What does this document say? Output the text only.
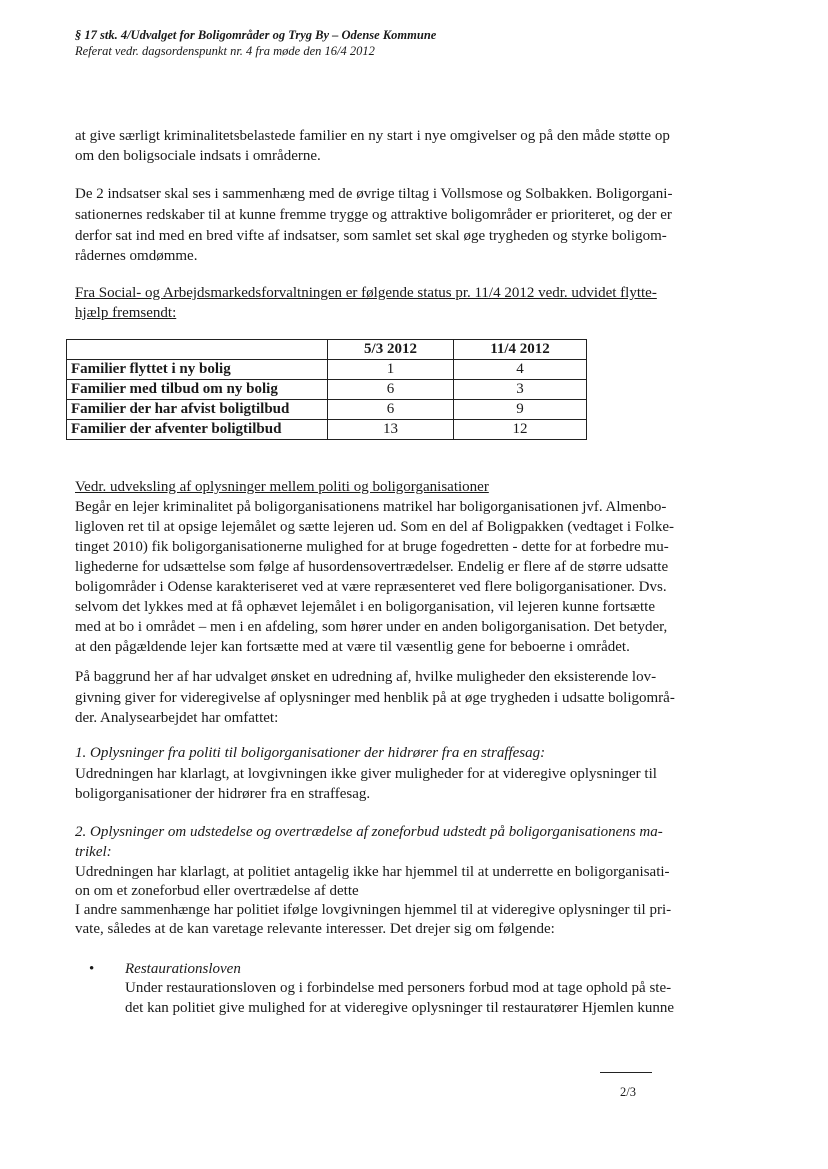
§ 17 stk. 4/Udvalget for Boligområder og Tryg By – Odense Kommune
Referat vedr. dagsordenspunkt nr. 4 fra møde den 16/4 2012
at give særligt kriminalitetsbelastede familier en ny start i nye omgivelser og på den måde støtte op
om den boligsociale indsats i områderne.
De 2 indsatser skal ses i sammenhæng med de øvrige tiltag i Vollsmose og Solbakken. Boligorgani-
sationernes redskaber til at kunne fremme trygge og attraktive boligområder er prioriteret, og der er
derfor sat ind med en bred vifte af indsatser, som samlet set skal øge trygheden og styrke boligom-
rådernes omdømme.
Fra Social- og Arbejdsmarkedsforvaltningen er følgende status pr. 11/4 2012 vedr. udvidet flytte-
hjælp fremsendt:
	5/3 2012	11/4 2012
Familier flyttet i ny bolig	1	4
Familier med tilbud om ny bolig	6	3
Familier der har afvist boligtilbud	6	9
Familier der afventer boligtilbud	13	12
Vedr. udveksling af oplysninger mellem politi og boligorganisationer
Begår en lejer kriminalitet på boligorganisationens matrikel har boligorganisationen jvf. Almenbo-
ligloven ret til at opsige lejemålet og sætte lejeren ud. Som en del af Boligpakken (vedtaget i Folke-
tinget 2010) fik boligorganisationerne mulighed for at bruge fogedretten - dette for at forbedre mu-
lighederne for udsættelse som følge af husordensovertrædelser. Endelig er flere af de større udsatte
boligområder i Odense karakteriseret ved at være repræsenteret ved flere boligorganisationer. Dvs.
selvom det lykkes med at få ophævet lejemålet i en boligorganisation, vil lejeren kunne fortsætte
med at bo i området – men i en afdeling, som hører under en anden boligorganisation. Det betyder,
at den pågældende lejer kan fortsætte med at være til væsentlig gene for beboerne i området.
På baggrund her af har udvalget ønsket en udredning af, hvilke muligheder den eksisterende lov-
givning giver for videregivelse af oplysninger med henblik på at øge trygheden i udsatte boligområ-
der. Analysearbejdet har omfattet:
1. Oplysninger fra politi til boligorganisationer der hidrører fra en straffesag:
Udredningen har klarlagt, at lovgivningen ikke giver muligheder for at videregive oplysninger til
boligorganisationer der hidrører fra en straffesag.
2. Oplysninger om udstedelse og overtrædelse af zoneforbud udstedt på boligorganisationens ma-
trikel:
Udredningen har klarlagt, at politiet antagelig ikke har hjemmel til at underrette en boligorganisati-
on om et zoneforbud eller overtrædelse af dette
I andre sammenhænge har politiet ifølge lovgivningen hjemmel til at videregive oplysninger til pri-
vate, således at de kan varetage relevante interesser. Det drejer sig om følgende:
• Restaurationsloven
Under restaurationsloven og i forbindelse med personers forbud mod at tage ophold på ste-
det kan politiet give mulighed for at videregive oplysninger til restauratører Hjemlen kunne
2/3
